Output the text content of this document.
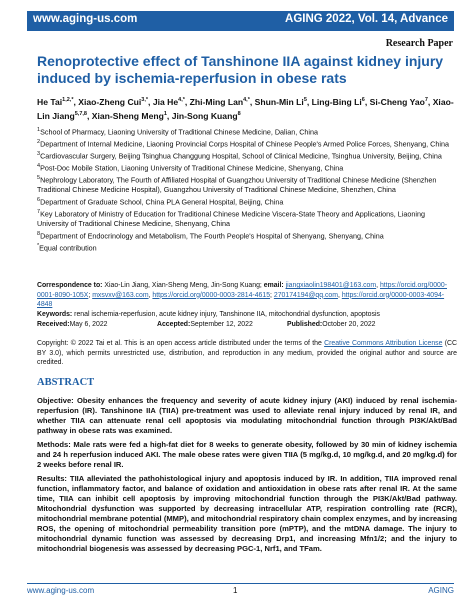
www.aging-us.com	AGING 2022, Vol. 14, Advance
Research Paper
Renoprotective effect of Tanshinone IIA against kidney injury induced by ischemia-reperfusion in obese rats
He Tai$^{1,2,*}$, Xiao-Zheng Cui$^{3,*}$, Jia $He^{4,*}$, Zhi-Ming Lan$^{4,*}$, Shun-Min Li$^5$, Ling-Bing Li$^6$, Si-Cheng Yao$^7$, Xiao-Lin Jiang$^{5,7,8}$, Xian-Sheng Meng$^1$, Jin-Song Kuang$^8$
$^1$School of Pharmacy, Liaoning University of Traditional Chinese Medicine, Dalian, China
$^2$Department of Internal Medicine, Liaoning Provincial Corps Hospital of Chinese People's Armed Police Forces, Shenyang, China
$^3$Cardiovascular Surgery, Beijing Tsinghua Changgung Hospital, School of Clinical Medicine, Tsinghua University, Beijing, China
$^4$Post-Doc Mobile Station, Liaoning University of Traditional Chinese Medicine, Shenyang, China
$^5$Nephrology Laboratory, The Fourth of Affiliated Hospital of Guangzhou University of Traditional Chinese Medicine (Shenzhen Traditional Chinese Medicine Hospital), Guangzhou University of Traditional Chinese Medicine, Shenzhen, China
$^6$Department of Graduate School, China PLA General Hospital, Beijing, China
$^7$Key Laboratory of Ministry of Education for Traditional Chinese Medicine Viscera-State Theory and Applications, Liaoning University of Traditional Chinese Medicine, Shenyang, China
$^8$Department of Endocrinology and Metabolism, The Fourth People's Hospital of Shenyang, Shenyang, China
*Equal contribution
Correspondence to: Xiao-Lin Jiang, Xian-Sheng Meng, Jin-Song Kuang; email: jiangxiaolin198401@163.com, https://orcid.org/0000-0001-8090-105X; mxsvxv@163.com, https://orcid.org/0000-0003-2814-4615; 270174194@qq.com, https://orcid.org/0000-0003-4094-4848
Keywords: renal ischemia-reperfusion, acute kidney injury, Tanshinone IIA, mitochondrial dysfunction, apoptosis
Received: May 6, 2022	Accepted: September 12, 2022	Published: October 20, 2022
Copyright: © 2022 Tai et al. This is an open access article distributed under the terms of the Creative Commons Attribution License (CC BY 3.0), which permits unrestricted use, distribution, and reproduction in any medium, provided the original author and source are credited.
ABSTRACT

Objective: Obesity enhances the frequency and severity of acute kidney injury (AKI) induced by renal ischemia-reperfusion (IR). Tanshinone IIA (TIIA) pre-treatment was used to alleviate renal injury induced by renal IR, and whether TIIA can attenuate renal cell apoptosis via modulating mitochondrial function through PI3K/Akt/Bad pathway in obese rats was examined.

Methods: Male rats were fed a high-fat diet for 8 weeks to generate obesity, followed by 30 min of kidney ischemia and 24 h reperfusion induced AKI. The male obese rates were given TIIA (5 mg/kg.d, 10 mg/kg.d, and 20 mg/kg.d) for 2 weeks before renal IR.

Results: TIIA alleviated the pathohistological injury and apoptosis induced by IR. In addition, TIIA improved renal function, inflammatory factor, and balance of oxidation and antioxidation in obese rats after renal IR. At the same time, TIIA can inhibit cell apoptosis by improving mitochondrial function through the PI3K/Akt/Bad pathway. Mitochondrial dysfunction was supported by decreasing intracellular ATP, respiration controlling rate (RCR), mitochondrial membrane potential (MMP), and mitochondrial respiratory chain complex enzymes, and by increasing ROS, the opening of mitochondrial permeability transition pore (mPTP), and the mtDNA damage. The injury to mitochondrial dynamic function was assessed by decreasing Drp1, and increasing Mfn1/2; and the injury to mitochondrial biogenesis was assessed by decreasing PGC-1, Nrf1, and TFam.

www.aging-us.com	1	AGING
